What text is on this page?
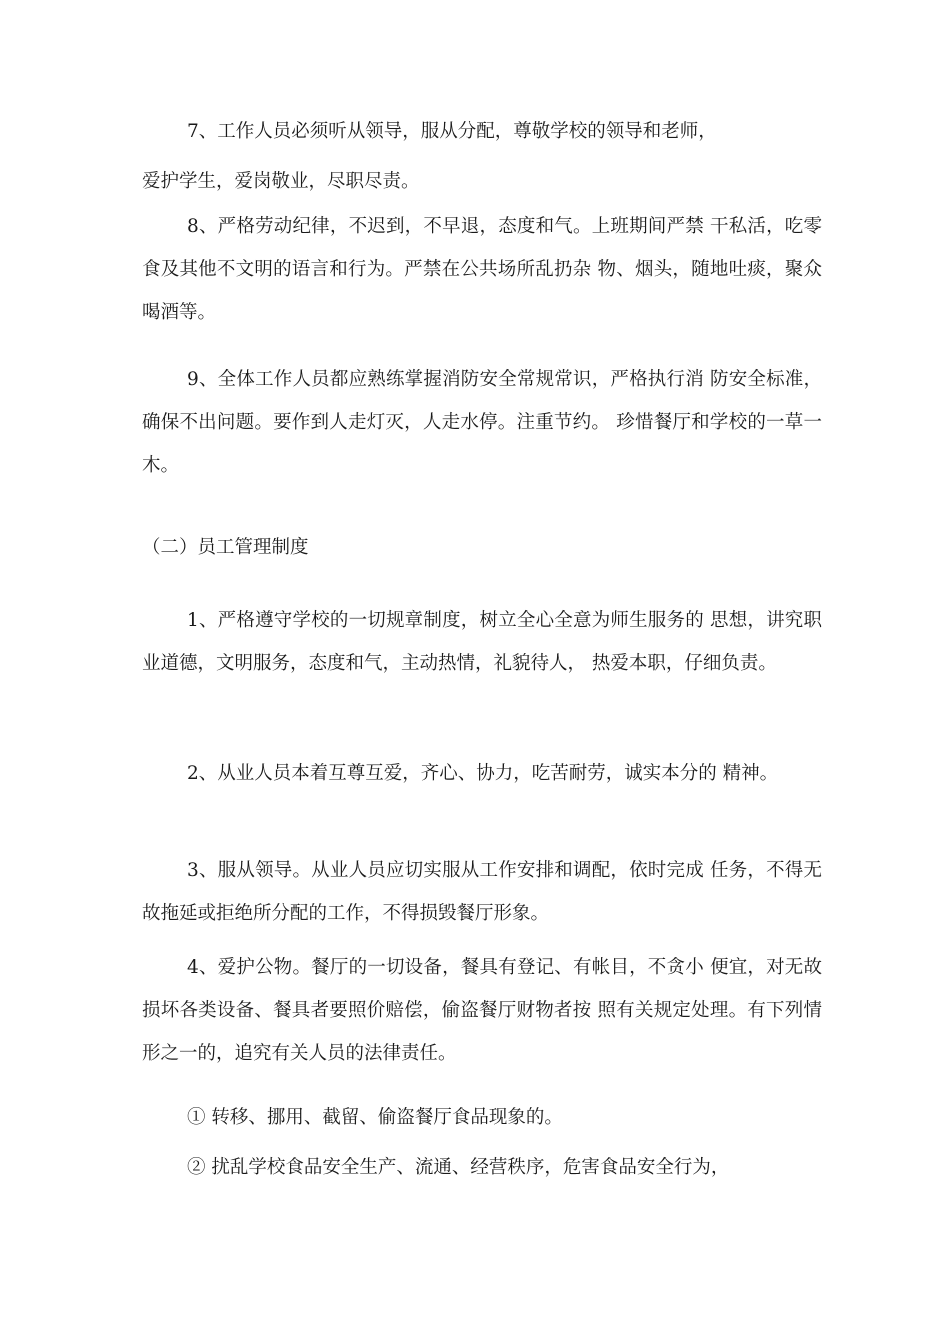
7、工作人员必须听从领导，服从分配，尊敬学校的领导和老师，
爱护学生，爱岗敬业，尽职尽责。
8、严格劳动纪律，不迟到，不早退，态度和气。上班期间严禁 干私活，吃零食及其他不文明的语言和行为。严禁在公共场所乱扔杂 物、烟头，随地吐痰，聚众喝酒等。
9、全体工作人员都应熟练掌握消防安全常规常识，严格执行消 防安全标准，确保不出问题。要作到人走灯灭，人走水停。注重节约。 珍惜餐厅和学校的一草一木。
（二）员工管理制度
1、严格遵守学校的一切规章制度，树立全心全意为师生服务的 思想，讲究职业道德，文明服务，态度和气，主动热情，礼貌待人， 热爱本职，仔细负责。
2、从业人员本着互尊互爱，齐心、协力，吃苦耐劳，诚实本分的 精神。
3、服从领导。从业人员应切实服从工作安排和调配，依时完成 任务，不得无故拖延或拒绝所分配的工作，不得损毁餐厅形象。
4、爱护公物。餐厅的一切设备，餐具有登记、有帐目，不贪小 便宜，对无故损坏各类设备、餐具者要照价赔偿，偷盗餐厅财物者按 照有关规定处理。有下列情形之一的，追究有关人员的法律责任。
① 转移、挪用、截留、偷盗餐厅食品现象的。
② 扰乱学校食品安全生产、流通、经营秩序，危害食品安全行为，
